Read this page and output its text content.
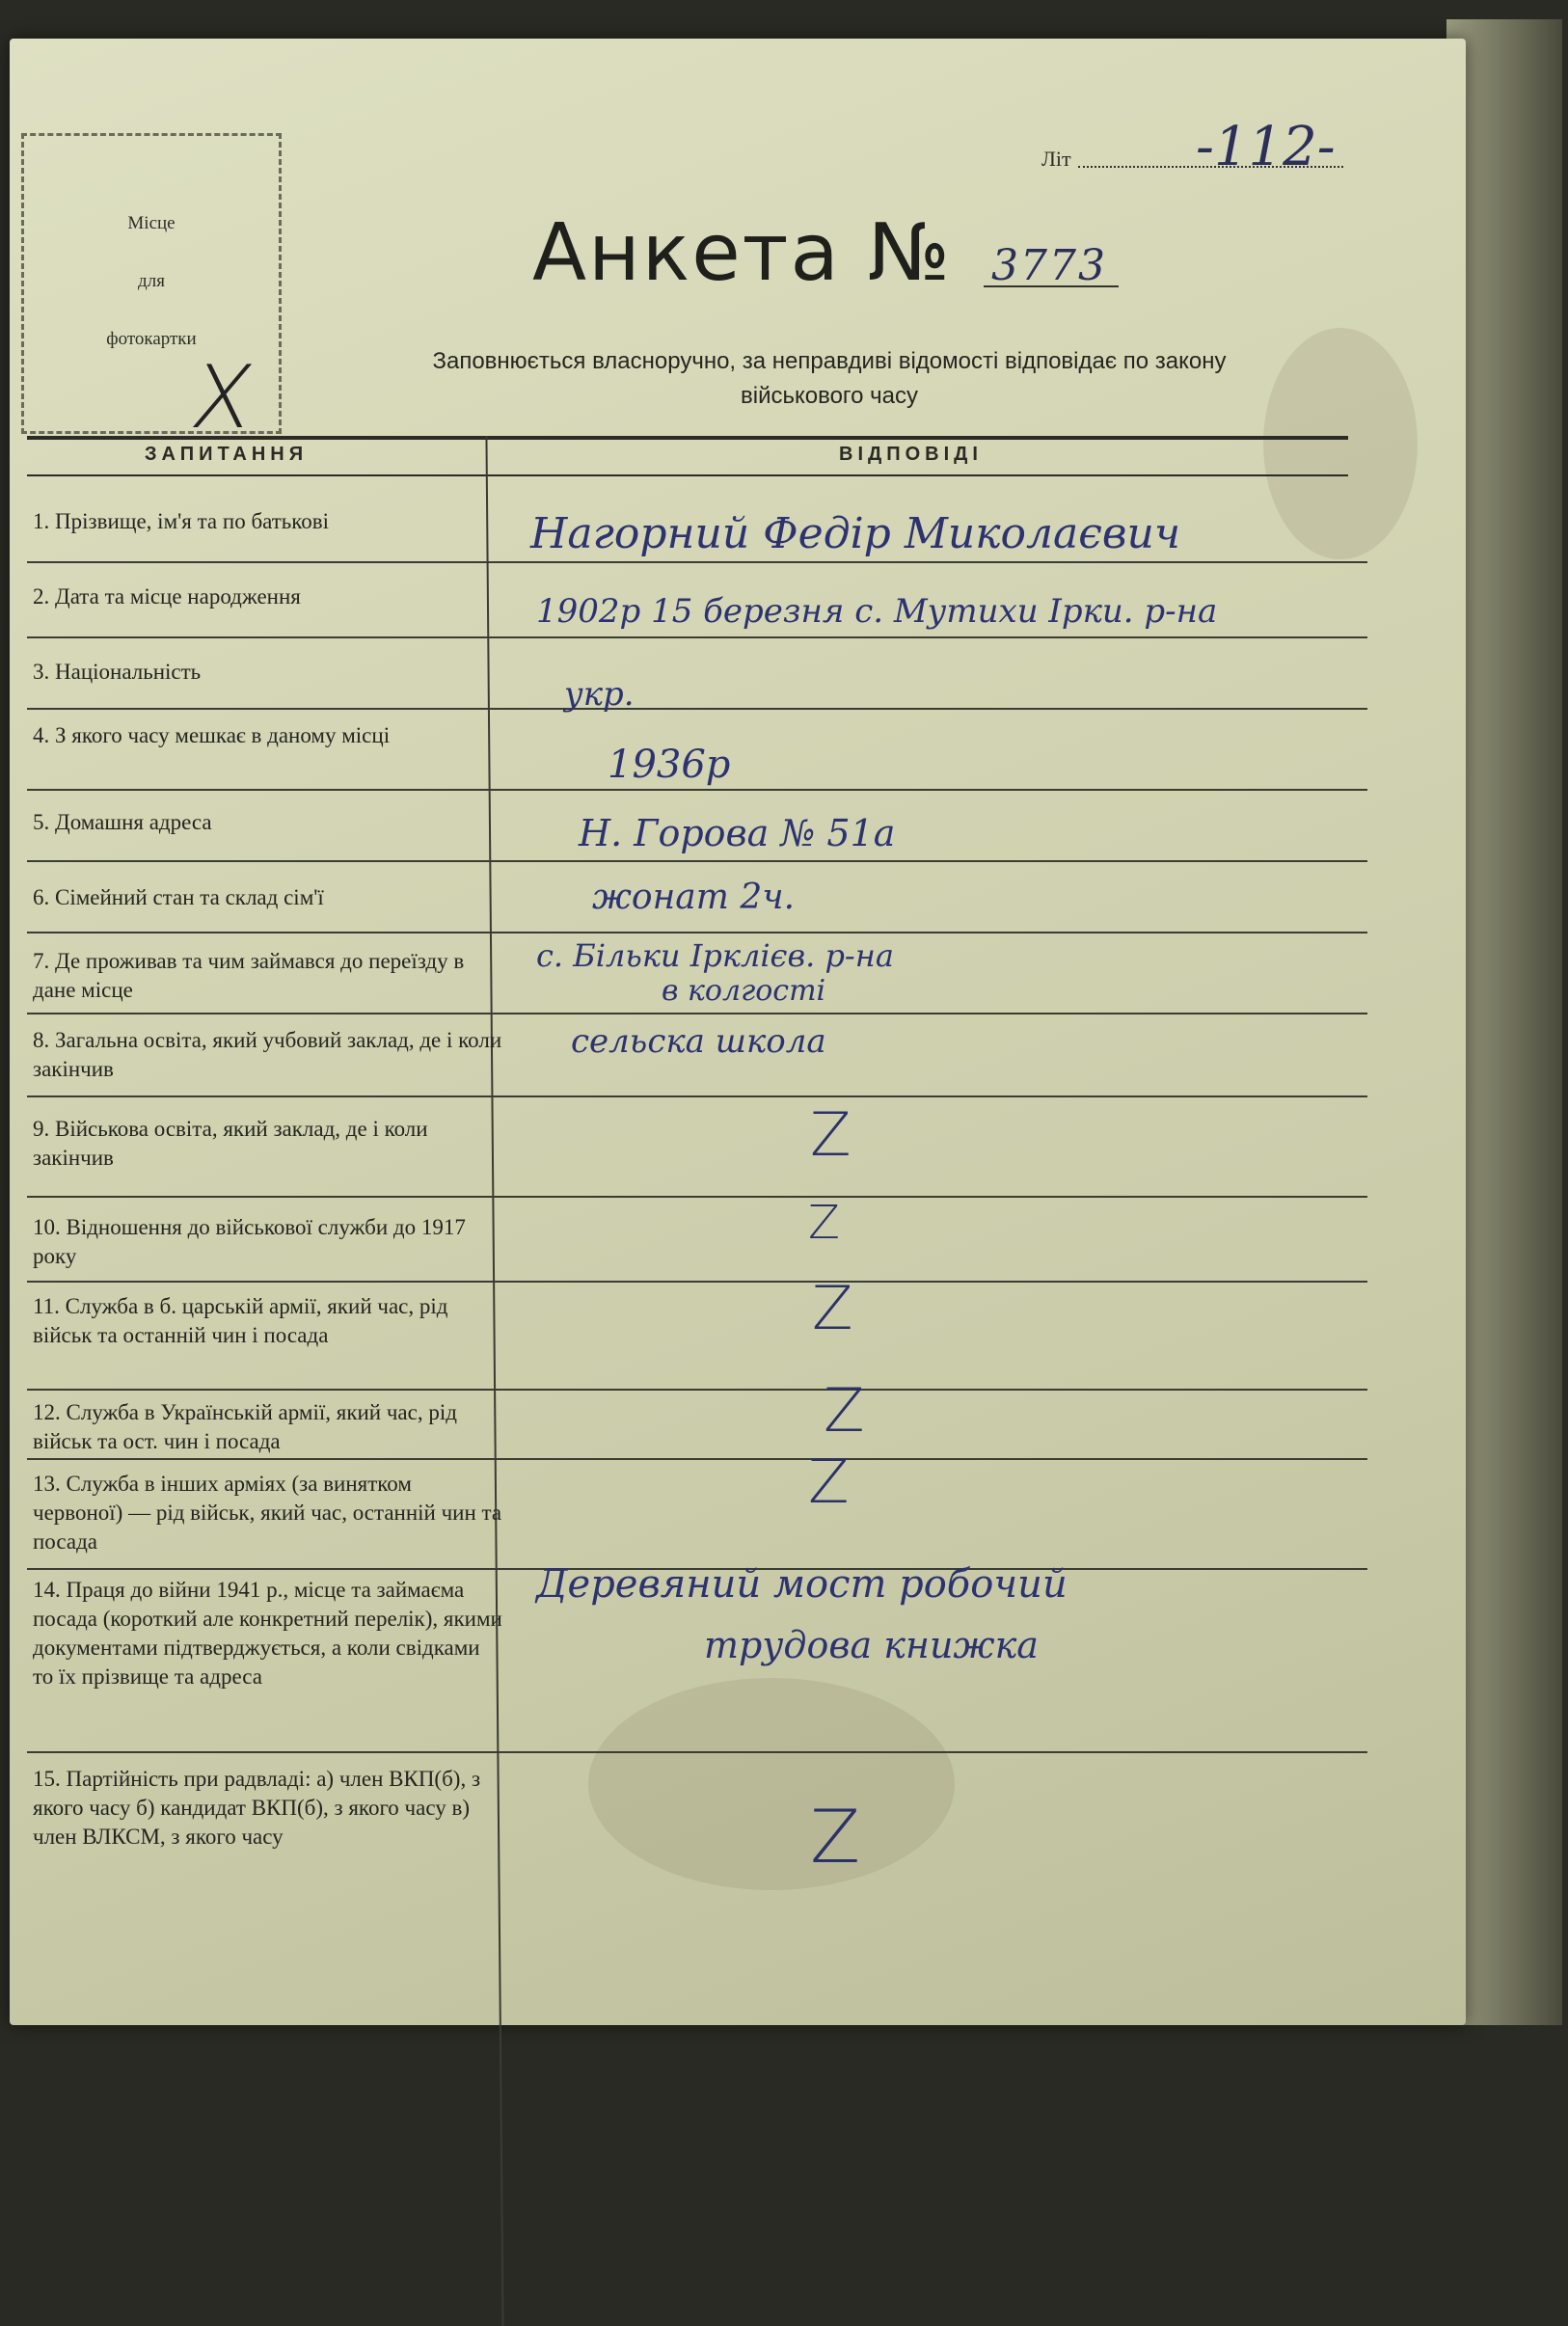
Місце
для
фотокартки
X
Літ -112-
Анкета № 3773
Заповнюється власноручно, за неправдиві відомості відповідає по закону
військового часу
ЗАПИТАННЯ	ВІДПОВІДІ
1. Прізвище, ім'я та по батькові
2. Дата та місце народження
3. Національність
4. З якого часу мешкає в даному місці
5. Домашня адреса
6. Сімейний стан та склад сім'ї
7. Де проживав та чим займався до переїзду в дане місце
8. Загальна освіта, який учбовий заклад, де і коли закінчив
9. Військова освіта, який заклад, де і коли закінчив
10. Відношення до військової служби до 1917 року
11. Служба в б. царській армії, який час, рід військ та останній чин і посада
12. Служба в Українській армії, який час, рід військ та ост. чин і посада
13. Служба в інших арміях (за винятком червоної) — рід військ, який час, останній чин та посада
14. Праця до війни 1941 р., місце та займаєма посада (короткий але конкретний перелік), якими документами підтверджується, а коли свідками то їх прізвище та адреса
15. Партійність при радвладі: а) член ВКП(б), з якого часу б) кандидат ВКП(б), з якого часу в) член ВЛКСМ, з якого часу
Нагорний Федір Миколаєвич
1902р 15 березня с. Мутихи Ірки. р-на
укр.
1936р
Н. Горова № 51а
жонат 2ч.
с. Більки Ірклієв. р-на
в колгості
сельска школа
Z
Z
Z
Z
Z
Деревяний мост робочий
трудова книжка
Z
